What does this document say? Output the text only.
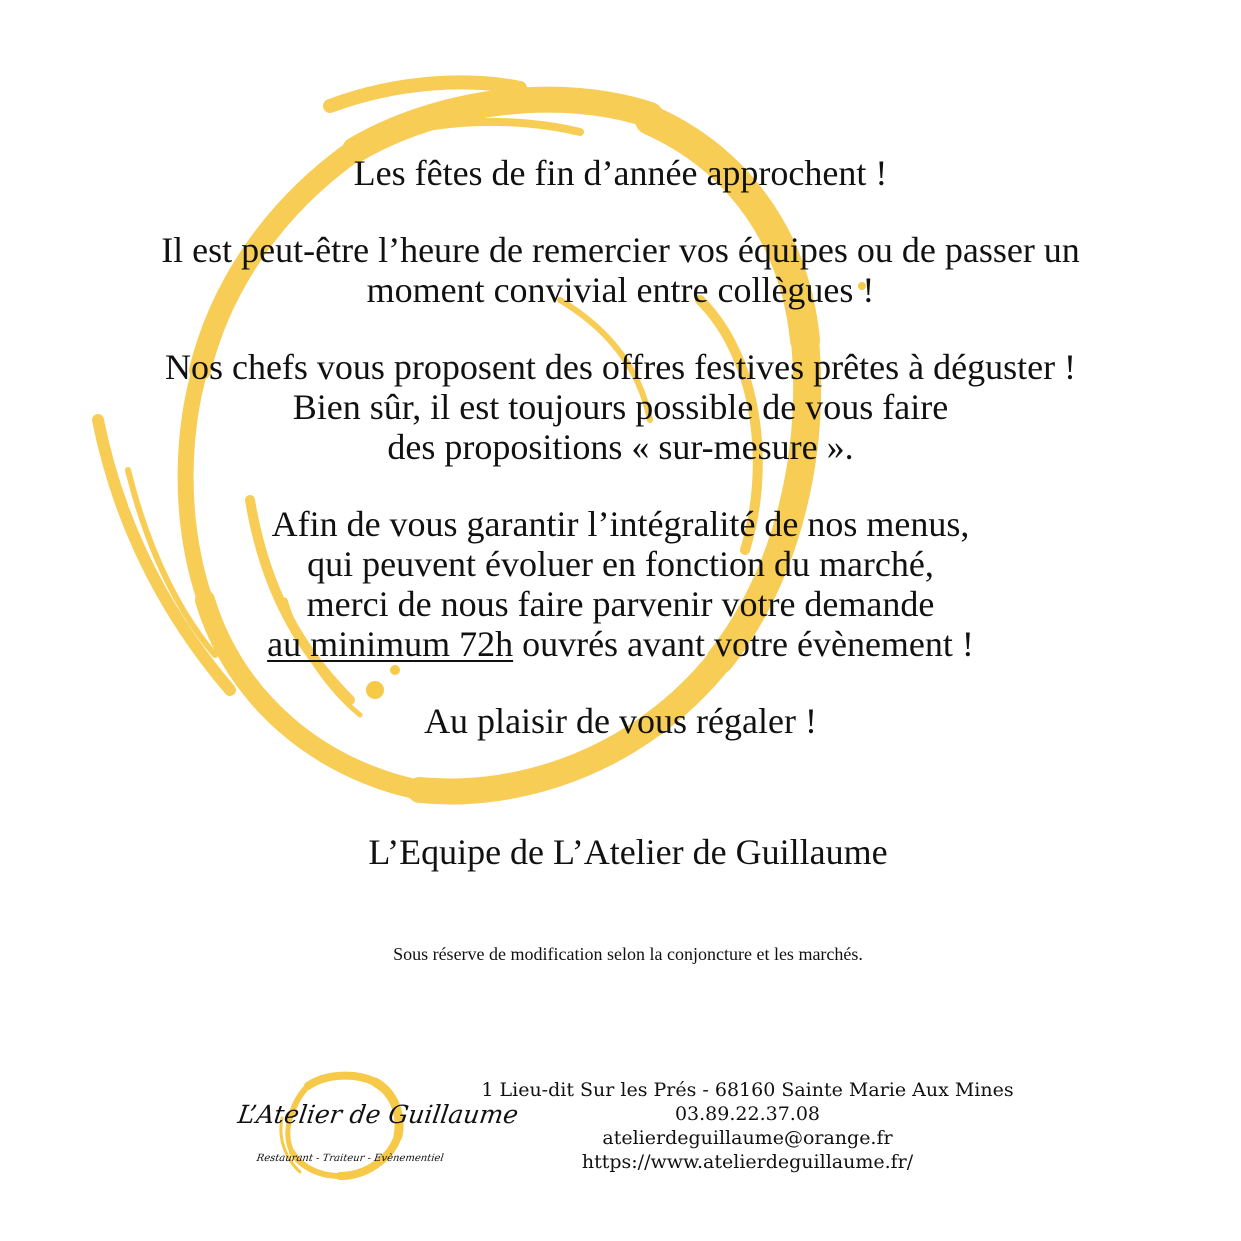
Les fêtes de fin d’année approchent !

Il est peut-être l’heure de remercier vos équipes ou de passer un

moment convivial entre collègues !

Nos chefs vous proposent des offres festives prêtes à déguster !

Bien sûr, il est toujours possible de vous faire

des propositions « sur-mesure ».

Afin de vous garantir l’intégralité de nos menus,

qui peuvent évoluer en fonction du marché,

merci de nous faire parvenir votre demande

au minimum 72h ouvrés avant votre évènement !

Au plaisir de vous régaler !

L’Equipe de L’Atelier de Guillaume
Sous réserve de modification selon la conjoncture et les marchés.
L’Atelier de Guillaume
Restaurant - Traiteur - Evènementiel
1 Lieu-dit Sur les Prés - 68160 Sainte Marie Aux Mines
03.89.22.37.08
atelierdeguillaume@orange.fr
https://www.atelierdeguillaume.fr/
